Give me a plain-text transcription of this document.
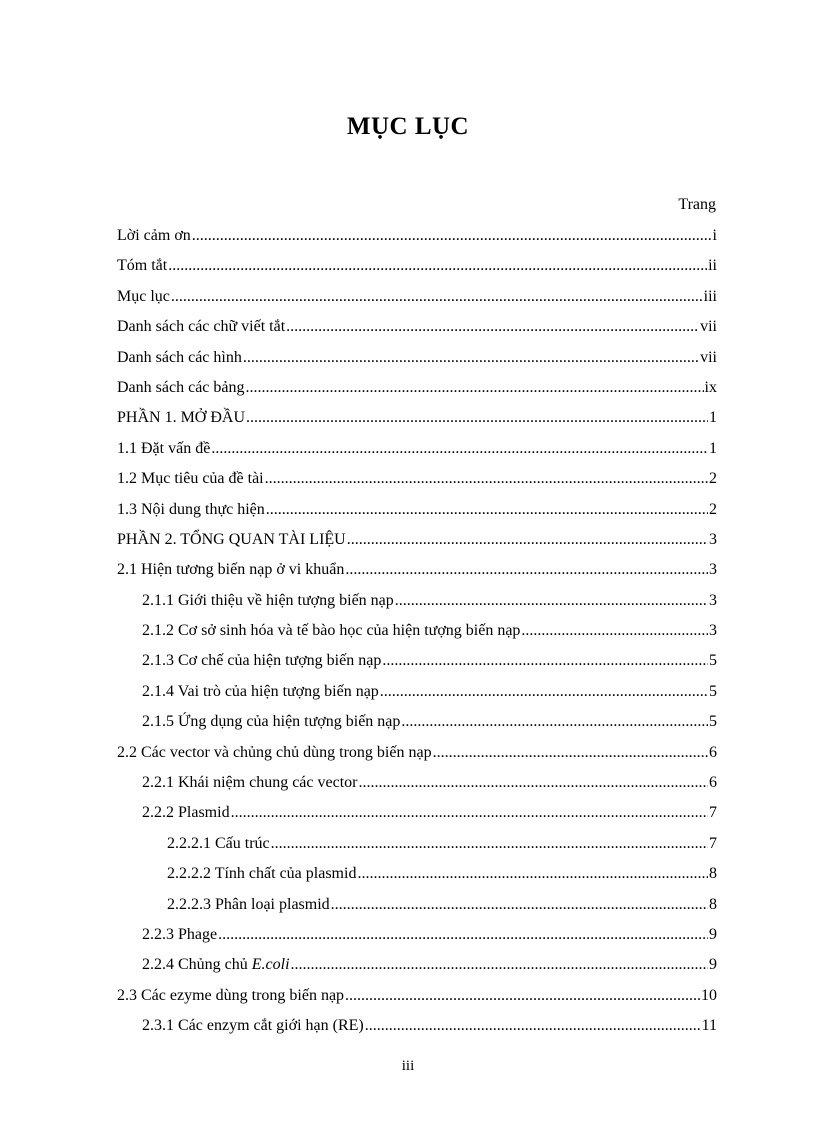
MỤC LỤC
Trang
Lời cảm ơn .....	i
Tóm tắt .....	ii
Mục lục .....	iii
Danh sách các chữ viết tắt .....	vii
Danh sách các hình .....	vii
Danh sách các bảng .....	ix
PHẦN 1. MỞ ĐẦU .....	1
1.1 Đặt vấn đề .....	1
1.2 Mục tiêu của đề tài .....	2
1.3 Nội dung thực hiện .....	2
PHẦN 2. TỔNG QUAN TÀI LIỆU .....	3
2.1 Hiện tương biến nạp ở vi khuẩn .....	3
2.1.1 Giới thiệu về hiện tượng biến nạp .....	3
2.1.2 Cơ sở sinh hóa và tế bào học của hiện tượng biến nạp .....	3
2.1.3 Cơ chế của hiện tượng biến nạp .....	5
2.1.4 Vai trò của hiện tượng biến nạp .....	5
2.1.5 Ứng dụng của hiện tượng biến nạp .....	5
2.2 Các vector và chủng chủ dùng trong biến nạp .....	6
2.2.1 Khái niệm chung các vector .....	6
2.2.2 Plasmid .....	7
2.2.2.1 Cấu trúc .....	7
2.2.2.2 Tính chất của plasmid .....	8
2.2.2.3 Phân loại plasmid .....	8
2.2.3 Phage .....	9
2.2.4 Chủng chủ E.coli .....	9
2.3 Các ezyme dùng trong biến nạp .....	10
2.3.1 Các enzym cắt giới hạn (RE) .....	11
iii
